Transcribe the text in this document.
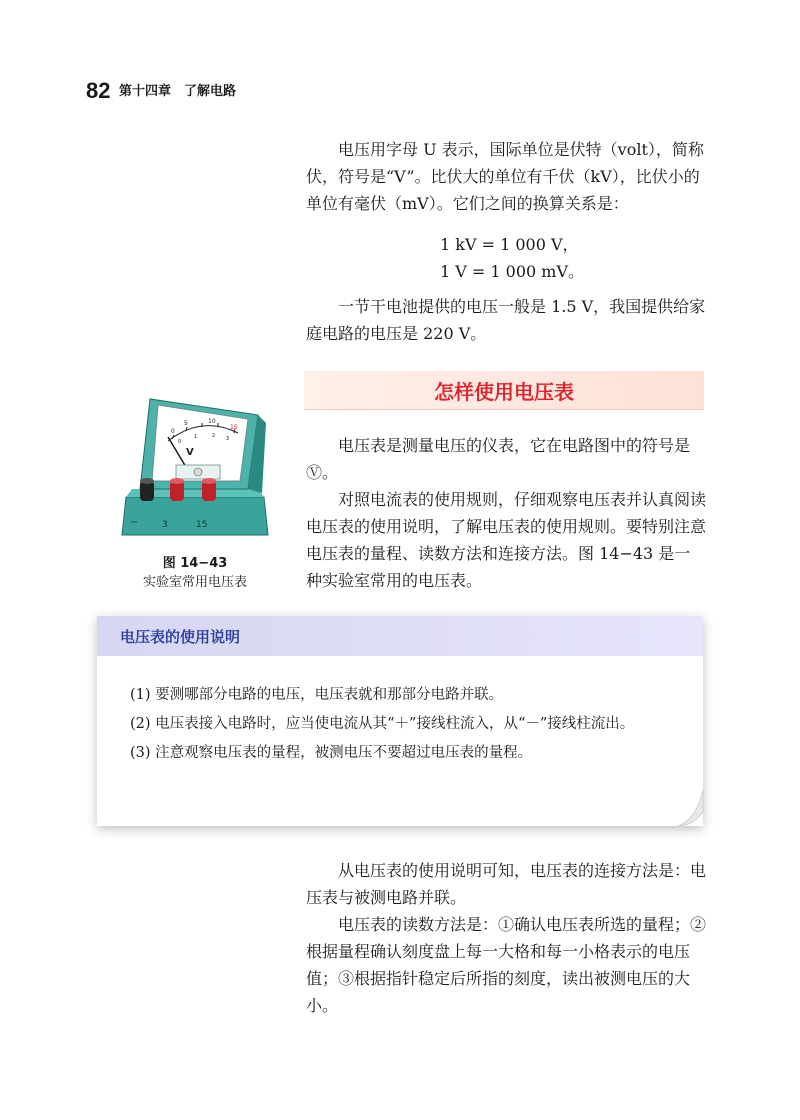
82 第十四章　了解电路

电压用字母 U 表示，国际单位是伏特（volt），简称伏，符号是“V”。比伏大的单位有千伏（kV），比伏小的单位有毫伏（mV）。它们之间的换算关系是：

1 kV = 1 000 V，
1 V = 1 000 mV。

一节干电池提供的电压一般是 1.5 V，我国提供给家庭电路的电压是 220 V。

怎样使用电压表
0
5	10
15
0
1	2 3
V
−	3	15
图 14−43
实验室常用电压表

电压表是测量电压的仪表，它在电路图中的符号是Ⓥ。

对照电流表的使用规则，仔细观察电压表并认真阅读电压表的使用说明，了解电压表的使用规则。要特别注意电压表的量程、读数方法和连接方法。图 14−43 是一种实验室常用的电压表。

电压表的使用说明
(1) 要测哪部分电路的电压，电压表就和那部分电路并联。
(2) 电压表接入电路时，应当使电流从其“＋”接线柱流入，从“－”接线柱流出。
(3) 注意观察电压表的量程，被测电压不要超过电压表的量程。

从电压表的使用说明可知，电压表的连接方法是：电压表与被测电路并联。

电压表的读数方法是：①确认电压表所选的量程；②根据量程确认刻度盘上每一大格和每一小格表示的电压值；③根据指针稳定后所指的刻度，读出被测电压的大小。
